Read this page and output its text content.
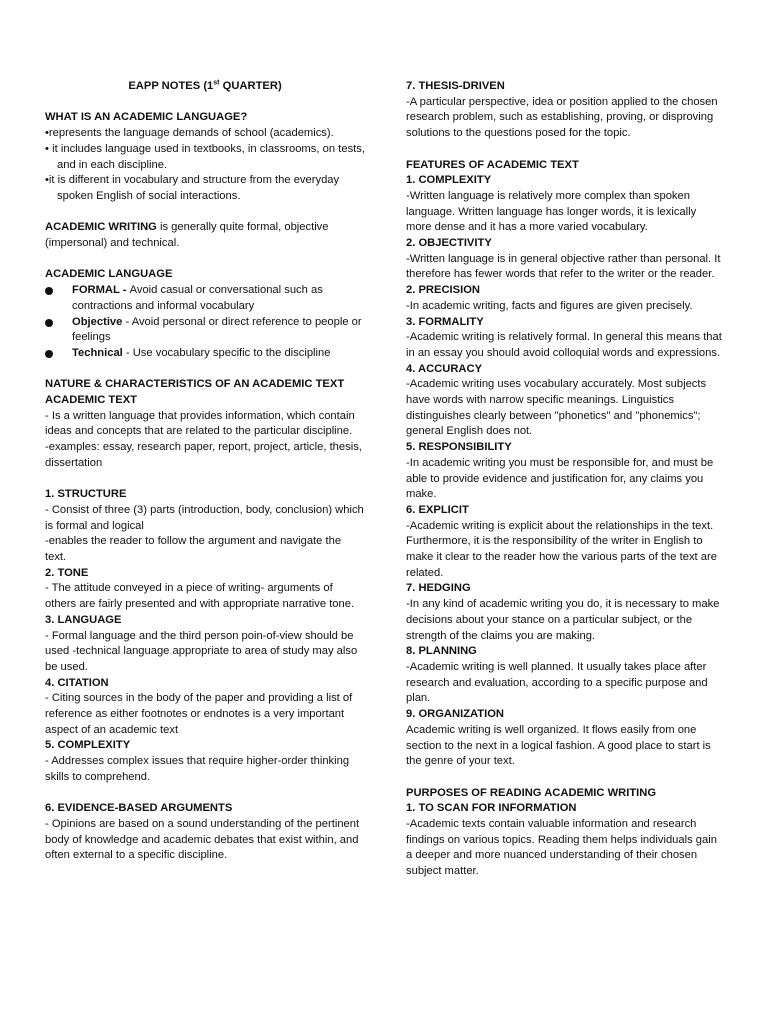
EAPP NOTES (1st QUARTER)

WHAT IS AN ACADEMIC LANGUAGE?

•represents the language demands of school (academics).

• it includes language used in textbooks, in classrooms, on tests, and in each discipline.

•it is different in vocabulary and structure from the everyday spoken English of social interactions.

ACADEMIC WRITING is generally quite formal, objective (impersonal) and technical.

ACADEMIC LANGUAGE

FORMAL - Avoid casual or conversational such as contractions and informal vocabulary
Objective - Avoid personal or direct reference to people or feelings
Technical - Use vocabulary specific to the discipline

NATURE & CHARACTERISTICS OF AN ACADEMIC TEXT

ACADEMIC TEXT

- Is a written language that provides information, which contain ideas and concepts that are related to the particular discipline.

-examples: essay, research paper, report, project, article, thesis, dissertation

1. STRUCTURE

- Consist of three (3) parts (introduction, body, conclusion) which is formal and logical

-enables the reader to follow the argument and navigate the text.

2. TONE

- The attitude conveyed in a piece of writing- arguments of others are fairly presented and with appropriate narrative tone.

3. LANGUAGE

- Formal language and the third person poin-of-view should be used -technical language appropriate to area of study may also be used.

4. CITATION

- Citing sources in the body of the paper and providing a list of reference as either footnotes or endnotes is a very important aspect of an academic text

5. COMPLEXITY

- Addresses complex issues that require higher-order thinking skills to comprehend.

6. EVIDENCE-BASED ARGUMENTS

- Opinions are based on a sound understanding of the pertinent body of knowledge and academic debates that exist within, and often external to a specific discipline.

7. THESIS-DRIVEN

-A particular perspective, idea or position applied to the chosen research problem, such as establishing, proving, or disproving solutions to the questions posed for the topic.

FEATURES OF ACADEMIC TEXT

1. COMPLEXITY

-Written language is relatively more complex than spoken language. Written language has longer words, it is lexically more dense and it has a more varied vocabulary.

2. OBJECTIVITY

-Written language is in general objective rather than personal. It therefore has fewer words that refer to the writer or the reader.

2. PRECISION

-In academic writing, facts and figures are given precisely.

3. FORMALITY

-Academic writing is relatively formal. In general this means that in an essay you should avoid colloquial words and expressions.

4. ACCURACY

-Academic writing uses vocabulary accurately. Most subjects have words with narrow specific meanings. Linguistics distinguishes clearly between "phonetics" and "phonemics"; general English does not.

5. RESPONSIBILITY

-In academic writing you must be responsible for, and must be able to provide evidence and justification for, any claims you make.

6. EXPLICIT

-Academic writing is explicit about the relationships in the text. Furthermore, it is the responsibility of the writer in English to make it clear to the reader how the various parts of the text are related.

7. HEDGING

-In any kind of academic writing you do, it is necessary to make decisions about your stance on a particular subject, or the strength of the claims you are making.

8. PLANNING

-Academic writing is well planned. It usually takes place after research and evaluation, according to a specific purpose and plan.

9. ORGANIZATION

Academic writing is well organized. It flows easily from one section to the next in a logical fashion. A good place to start is the genre of your text.

PURPOSES OF READING ACADEMIC WRITING

1. TO SCAN FOR INFORMATION

-Academic texts contain valuable information and research findings on various topics. Reading them helps individuals gain a deeper and more nuanced understanding of their chosen subject matter.
